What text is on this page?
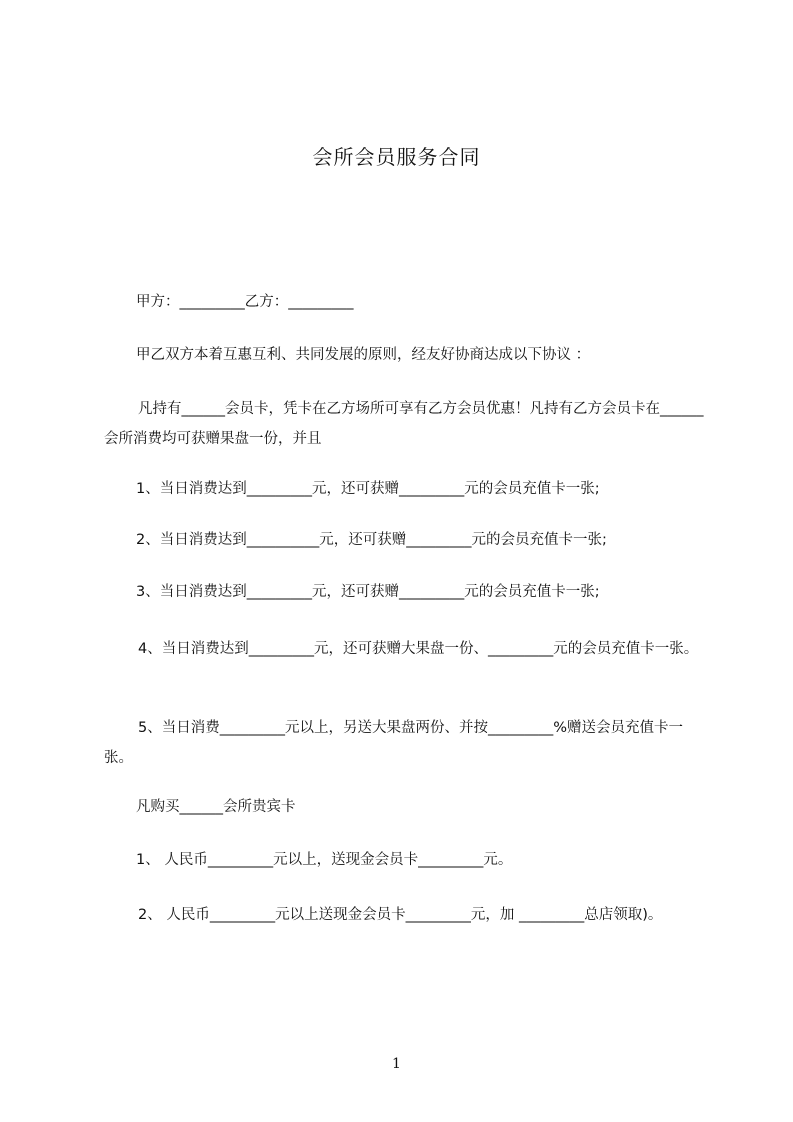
会所会员服务合同
甲方：_________乙方：_________
甲乙双方本着互惠互利、共同发展的原则，经友好协商达成以下协议 ：
凡持有______会员卡，凭卡在乙方场所可享有乙方会员优惠！凡持有乙方会员卡在______会所消费均可获赠果盘一份，并且
1、当日消费达到_________元，还可获赠_________元的会员充值卡一张;
2、当日消费达到__________元，还可获赠_________元的会员充值卡一张;
3、当日消费达到_________元，还可获赠_________元的会员充值卡一张;
4、当日消费达到_________元，还可获赠大果盘一份、_________元的会员充值卡一张。
5、当日消费_________元以上，另送大果盘两份、并按_________%赠送会员充值卡一张。
凡购买______会所贵宾卡
1、 人民币_________元以上，送现金会员卡_________元。
2、 人民币_________元以上送现金会员卡_________元，加 _________总店领取)。
1
